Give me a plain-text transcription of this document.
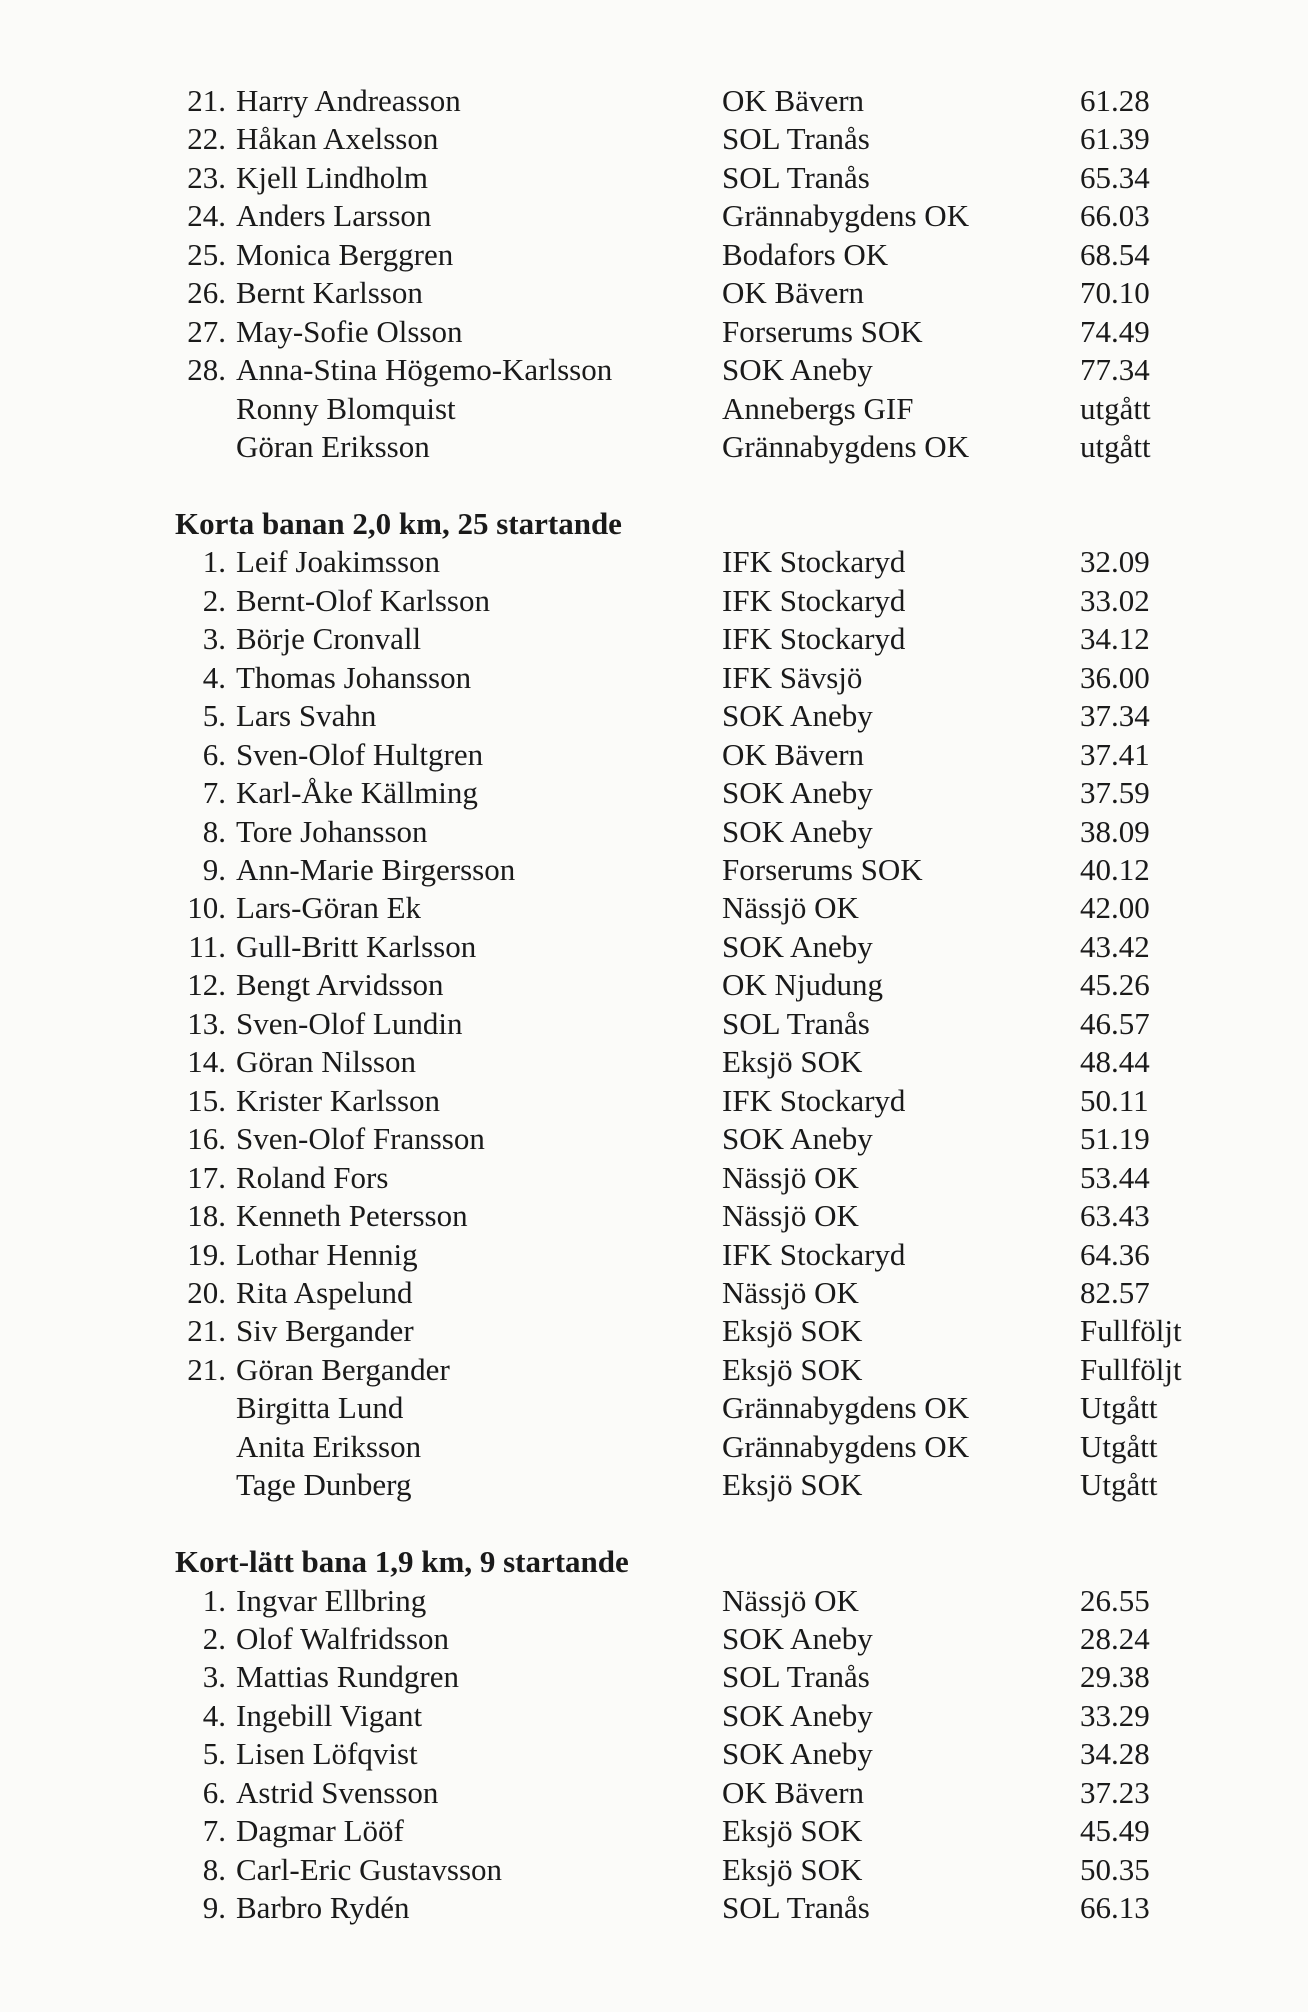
21. Harry Andreasson	OK Bävern	61.28
22. Håkan Axelsson	SOL Tranås	61.39
23. Kjell Lindholm	SOL Tranås	65.34
24. Anders Larsson	Grännabygdens OK	66.03
25. Monica Berggren	Bodafors OK	68.54
26. Bernt Karlsson	OK Bävern	70.10
27. May-Sofie Olsson	Forserums SOK	74.49
28. Anna-Stina Högemo-Karlsson	SOK Aneby	77.34
Ronny Blomquist	Annebergs GIF	utgått
Göran Eriksson	Grännabygdens OK	utgått
Korta banan 2,0 km, 25 startande
1. Leif Joakimsson	IFK Stockaryd	32.09
2. Bernt-Olof Karlsson	IFK Stockaryd	33.02
3. Börje Cronvall	IFK Stockaryd	34.12
4. Thomas Johansson	IFK Sävsjö	36.00
5. Lars Svahn	SOK Aneby	37.34
6. Sven-Olof Hultgren	OK Bävern	37.41
7. Karl-Åke Källming	SOK Aneby	37.59
8. Tore Johansson	SOK Aneby	38.09
9. Ann-Marie Birgersson	Forserums SOK	40.12
10. Lars-Göran Ek	Nässjö OK	42.00
11. Gull-Britt Karlsson	SOK Aneby	43.42
12. Bengt Arvidsson	OK Njudung	45.26
13. Sven-Olof Lundin	SOL Tranås	46.57
14. Göran Nilsson	Eksjö SOK	48.44
15. Krister Karlsson	IFK Stockaryd	50.11
16. Sven-Olof Fransson	SOK Aneby	51.19
17. Roland Fors	Nässjö OK	53.44
18. Kenneth Petersson	Nässjö OK	63.43
19. Lothar Hennig	IFK Stockaryd	64.36
20. Rita Aspelund	Nässjö OK	82.57
21. Siv Bergander	Eksjö SOK	Fullföljt
21. Göran Bergander	Eksjö SOK	Fullföljt
Birgitta Lund	Grännabygdens OK	Utgått
Anita Eriksson	Grännabygdens OK	Utgått
Tage Dunberg	Eksjö SOK	Utgått
Kort-lätt bana 1,9 km, 9 startande
1. Ingvar Ellbring	Nässjö OK	26.55
2. Olof Walfridsson	SOK Aneby	28.24
3. Mattias Rundgren	SOL Tranås	29.38
4. Ingebill Vigant	SOK Aneby	33.29
5. Lisen Löfqvist	SOK Aneby	34.28
6. Astrid Svensson	OK Bävern	37.23
7. Dagmar Lööf	Eksjö SOK	45.49
8. Carl-Eric Gustavsson	Eksjö SOK	50.35
9. Barbro Rydén	SOL Tranås	66.13
